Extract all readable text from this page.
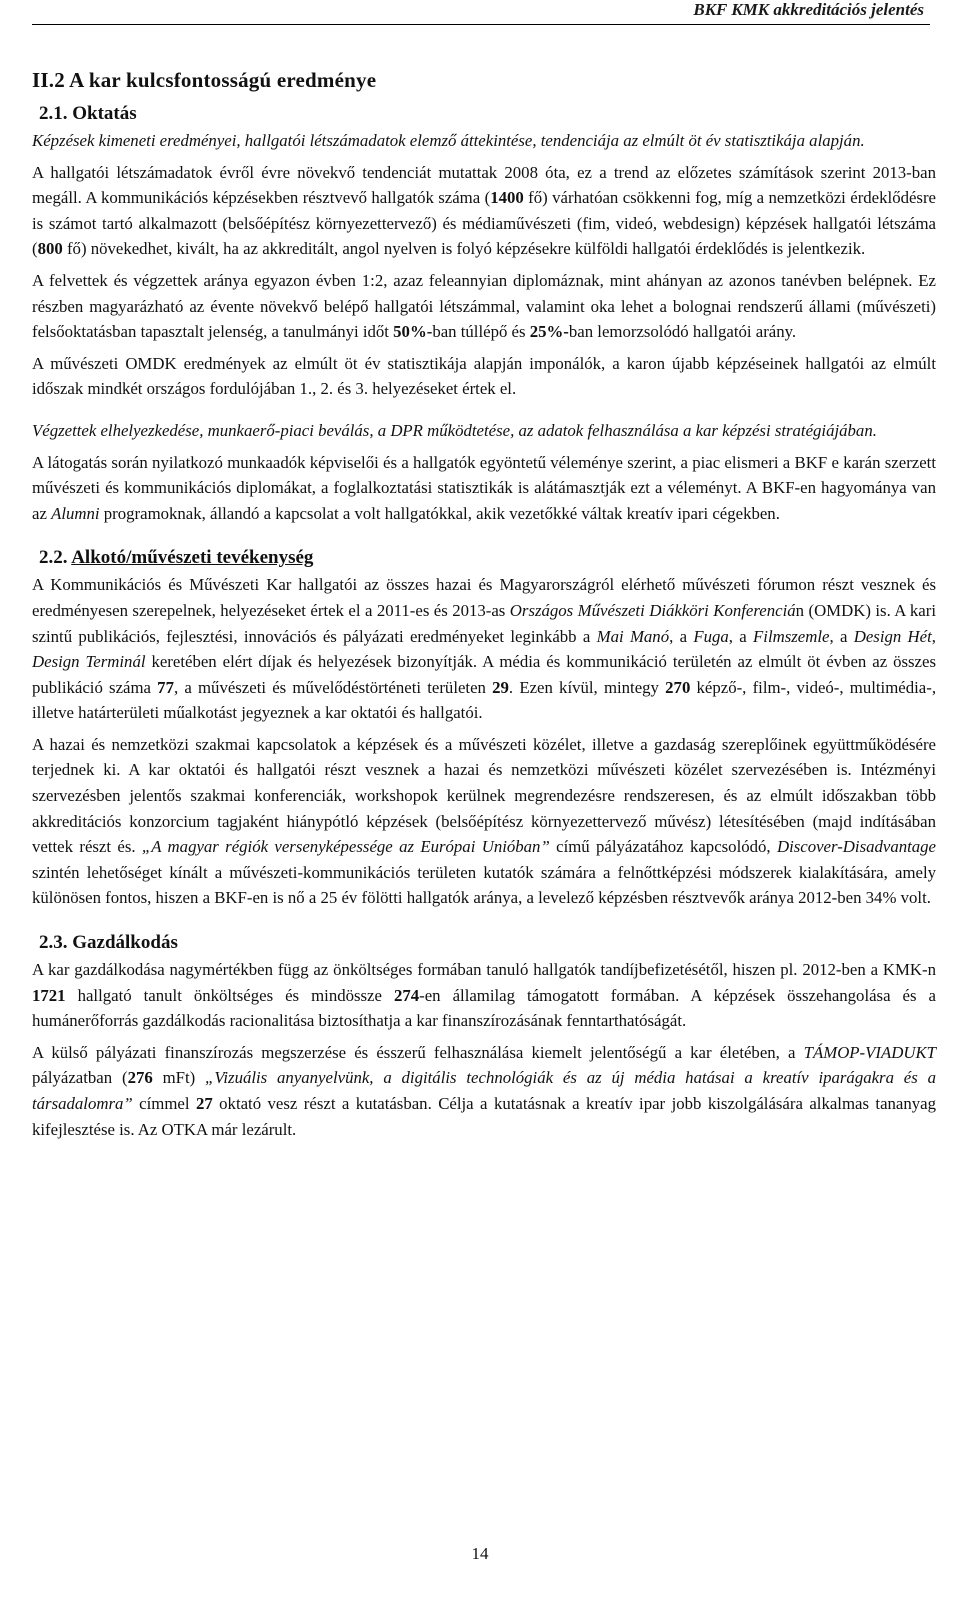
BKF KMK akkreditációs jelentés
II.2 A kar kulcsfontosságú eredménye
2.1. Oktatás

Képzések kimeneti eredményei, hallgatói létszámadatok elemző áttekintése, tendenciája az elmúlt öt év statisztikája alapján.

A hallgatói létszámadatok évről évre növekvő tendenciát mutattak 2008 óta, ez a trend az előzetes számítások szerint 2013-ban megáll. A kommunikációs képzésekben résztvevő hallgatók száma (1400 fő) várhatóan csökkenni fog, míg a nemzetközi érdeklődésre is számot tartó alkalmazott (belsőépítész környezettervező) és médiaművészeti (fim, videó, webdesign) képzések hallgatói létszáma (800 fő) növekedhet, kivált, ha az akkreditált, angol nyelven is folyó képzésekre külföldi hallgatói érdeklődés is jelentkezik.

A felvettek és végzettek aránya egyazon évben 1:2, azaz feleannyian diplomáznak, mint ahányan az azonos tanévben belépnek. Ez részben magyarázható az évente növekvő belépő hallgatói létszámmal, valamint oka lehet a bolognai rendszerű állami (művészeti) felsőoktatásban tapasztalt jelenség, a tanulmányi időt 50%-ban túllépő és 25%-ban lemorzsolódó hallgatói arány.

A művészeti OMDK eredmények az elmúlt öt év statisztikája alapján imponálók, a karon újabb képzéseinek hallgatói az elmúlt időszak mindkét országos fordulójában 1., 2. és 3. helyezéseket értek el.

Végzettek elhelyezkedése, munkaerő-piaci beválás, a DPR működtetése, az adatok felhasználása a kar képzési stratégiájában.

A látogatás során nyilatkozó munkaadók képviselői és a hallgatók egyöntetű véleménye szerint, a piac elismeri a BKF e karán szerzett művészeti és kommunikációs diplomákat, a foglalkoztatási statisztikák is alátámasztják ezt a véleményt. A BKF-en hagyománya van az Alumni programoknak, állandó a kapcsolat a volt hallgatókkal, akik vezetőkké váltak kreatív ipari cégekben.

2.2. Alkotó/művészeti tevékenység

A Kommunikációs és Művészeti Kar hallgatói az összes hazai és Magyarországról elérhető művészeti fórumon részt vesznek és eredményesen szerepelnek, helyezéseket értek el a 2011-es és 2013-as Országos Művészeti Diákköri Konferencián (OMDK) is. A kari szintű publikációs, fejlesztési, innovációs és pályázati eredményeket leginkább a Mai Manó, a Fuga, a Filmszemle, a Design Hét, Design Terminál keretében elért díjak és helyezések bizonyítják. A média és kommunikáció területén az elmúlt öt évben az összes publikáció száma 77, a művészeti és művelődéstörténeti területen 29. Ezen kívül, mintegy 270 képző-, film-, videó-, multimédia-, illetve határterületi műalkotást jegyeznek a kar oktatói és hallgatói.

A hazai és nemzetközi szakmai kapcsolatok a képzések és a művészeti közélet, illetve a gazdaság szereplőinek együttműködésére terjednek ki. A kar oktatói és hallgatói részt vesznek a hazai és nemzetközi művészeti közélet szervezésében is. Intézményi szervezésben jelentős szakmai konferenciák, workshopok kerülnek megrendezésre rendszeresen, és az elmúlt időszakban több akkreditációs konzorcium tagjaként hiánypótló képzések (belsőépítész környezettervező művész) létesítésében (majd indításában vettek részt és. „A magyar régiók versenyképessége az Európai Unióban” című pályázatához kapcsolódó, Discover-Disadvantage szintén lehetőséget kínált a művészeti-kommunikációs területen kutatók számára a felnőttképzési módszerek kialakítására, amely különösen fontos, hiszen a BKF-en is nő a 25 év fölötti hallgatók aránya, a levelező képzésben résztvevők aránya 2012-ben 34% volt.

2.3. Gazdálkodás

A kar gazdálkodása nagymértékben függ az önköltséges formában tanuló hallgatók tandíjbefizetésétől, hiszen pl. 2012-ben a KMK-n 1721 hallgató tanult önköltséges és mindössze 274-en államilag támogatott formában. A képzések összehangolása és a humánerőforrás gazdálkodás racionalitása biztosíthatja a kar finanszírozásának fenntarthatóságát.

A külső pályázati finanszírozás megszerzése és ésszerű felhasználása kiemelt jelentőségű a kar életében, a TÁMOP-VIADUKT pályázatban (276 mFt) „Vizuális anyanyelvünk, a digitális technológiák és az új média hatásai a kreatív iparágakra és a társadalomra” címmel 27 oktató vesz részt a kutatásban. Célja a kutatásnak a kreatív ipar jobb kiszolgálására alkalmas tananyag kifejlesztése is. Az OTKA már lezárult.

14
